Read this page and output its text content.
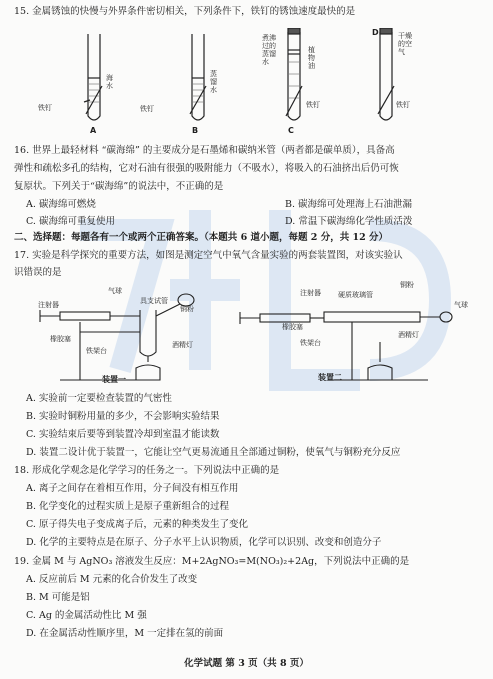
15. 金属锈蚀的快慢与外界条件密切相关，下列条件下，铁钉的锈蚀速度最快的是
铁钉
海水
A
铁钉
蒸馏水
B
煮沸过的蒸馏水
植物油
铁钉
C
干燥的空气
铁钉
D
16. 世界上最轻材料 “碳海绵” 的主要成分是石墨烯和碳纳米管（两者都是碳单质），具备高
弹性和疏松多孔的结构，它对石油有很强的吸附能力（不吸水），将吸入的石油挤出后仍可恢
复原状。下列关于“碳海绵”的说法中，不正确的是
A. 碳海绵可燃烧	B. 碳海绵可处理海上石油泄漏
C. 碳海绵可重复使用	D. 常温下碳海绵化学性质活泼
二、选择题：每题各有一个或两个正确答案。（本题共 6 道小题，每题 2 分，共 12 分）
17. 实验是科学探究的重要方法，如图是测定空气中氧气含量实验的两套装置图，对该实验认
识错误的是
气球
注射器	具支试管
铜粉
橡胶塞
铁架台
酒精灯
装置一
注射器 硬质玻璃管
铜粉
气球
橡胶塞
铁架台
酒精灯
装置二
A. 实验前一定要检查装置的气密性
B. 实验时铜粉用量的多少，不会影响实验结果
C. 实验结束后要等到装置冷却到室温才能读数
D. 装置二设计优于装置一，它能让空气更易流通且全部通过铜粉，使氧气与铜粉充分反应
18. 形成化学观念是化学学习的任务之一。下列说法中正确的是
A. 离子之间存在着相互作用，分子间没有相互作用
B. 化学变化的过程实质上是原子重新组合的过程
C. 原子得失电子变成离子后，元素的种类发生了变化
D. 化学的主要特点是在原子、分子水平上认识物质，化学可以识别、改变和创造分子
19. 金属 M 与 AgNO₃ 溶液发生反应：M+2AgNO₃=M(NO₃)₂+2Ag，下列说法中正确的是
A. 反应前后 M 元素的化合价发生了改变
B. M 可能是铝
C. Ag 的金属活动性比 M 强
D. 在金属活动性顺序里，M 一定排在氢的前面
化学试题 第 3 页（共 8 页）
